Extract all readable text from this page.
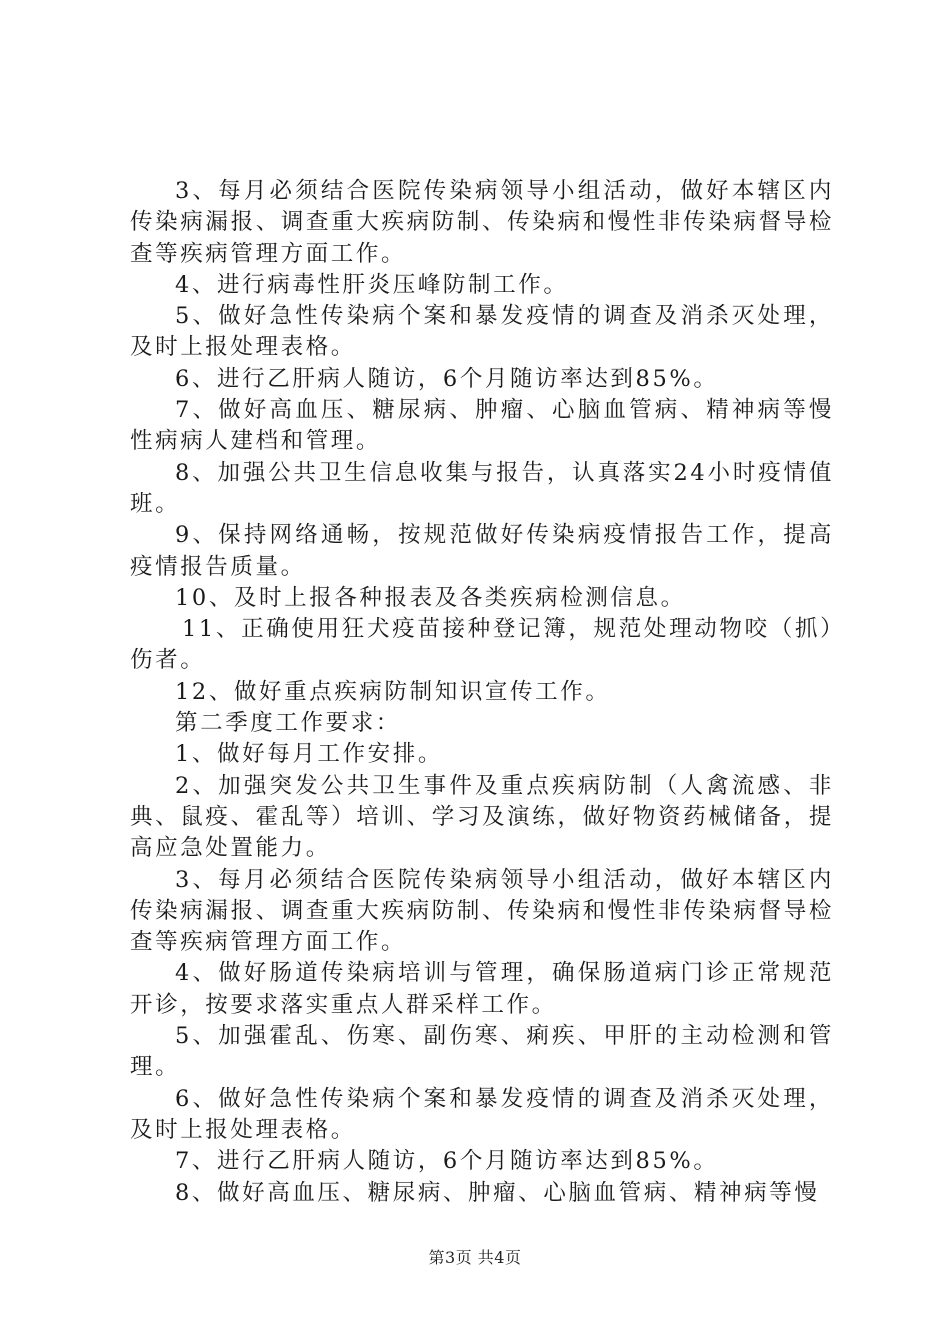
3、每月必须结合医院传染病领导小组活动，做好本辖区内传染病漏报、调查重大疾病防制、传染病和慢性非传染病督导检查等疾病管理方面工作。

4、进行病毒性肝炎压峰防制工作。

5、做好急性传染病个案和暴发疫情的调查及消杀灭处理，及时上报处理表格。

6、进行乙肝病人随访，6个月随访率达到85%。

7、做好高血压、糖尿病、肿瘤、心脑血管病、精神病等慢性病病人建档和管理。

8、加强公共卫生信息收集与报告，认真落实24小时疫情值班。

9、保持网络通畅，按规范做好传染病疫情报告工作，提高疫情报告质量。

10、及时上报各种报表及各类疾病检测信息。

11、正确使用狂犬疫苗接种登记簿，规范处理动物咬（抓）伤者。

12、做好重点疾病防制知识宣传工作。

第二季度工作要求：

1、做好每月工作安排。

2、加强突发公共卫生事件及重点疾病防制（人禽流感、非典、鼠疫、霍乱等）培训、学习及演练，做好物资药械储备，提高应急处置能力。

3、每月必须结合医院传染病领导小组活动，做好本辖区内传染病漏报、调查重大疾病防制、传染病和慢性非传染病督导检查等疾病管理方面工作。

4、做好肠道传染病培训与管理，确保肠道病门诊正常规范开诊，按要求落实重点人群采样工作。

5、加强霍乱、伤寒、副伤寒、痢疾、甲肝的主动检测和管理。

6、做好急性传染病个案和暴发疫情的调查及消杀灭处理，及时上报处理表格。

7、进行乙肝病人随访，6个月随访率达到85%。

8、做好高血压、糖尿病、肿瘤、心脑血管病、精神病等慢

第3页 共4页
